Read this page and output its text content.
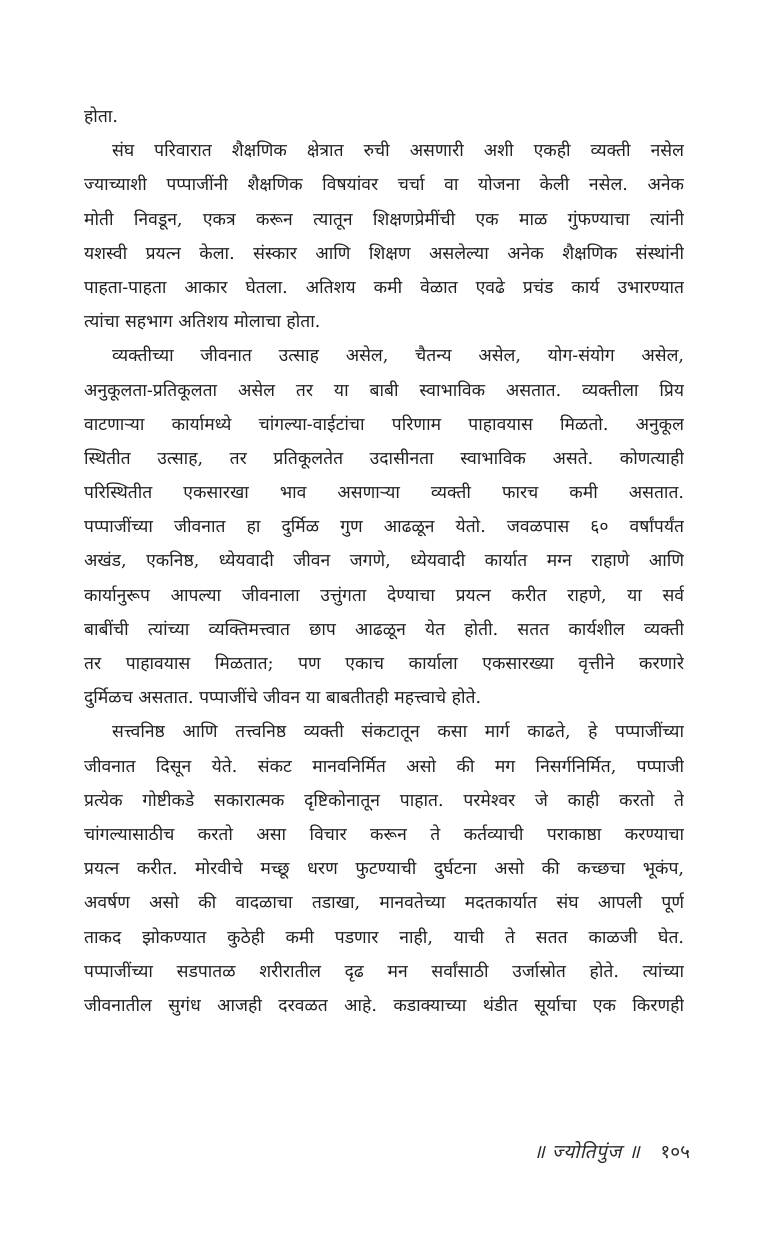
होता.
संघ परिवारात शैक्षणिक क्षेत्रात रुची असणारी अशी एकही व्यक्ती नसेल
ज्याच्याशी पप्पाजींनी शैक्षणिक विषयांवर चर्चा वा योजना केली नसेल. अनेक
मोती निवडून, एकत्र करून त्यातून शिक्षणप्रेमींची एक माळ गुंफण्याचा त्यांनी
यशस्वी प्रयत्न केला. संस्कार आणि शिक्षण असलेल्या अनेक शैक्षणिक संस्थांनी
पाहता-पाहता आकार घेतला. अतिशय कमी वेळात एवढे प्रचंड कार्य उभारण्यात
त्यांचा सहभाग अतिशय मोलाचा होता.
व्यक्तीच्या जीवनात उत्साह असेल, चैतन्य असेल, योग-संयोग असेल,
अनुकूलता-प्रतिकूलता असेल तर या बाबी स्वाभाविक असतात. व्यक्तीला प्रिय
वाटणाऱ्या कार्यामध्ये चांगल्या-वाईटांचा परिणाम पाहावयास मिळतो. अनुकूल
स्थितीत उत्साह, तर प्रतिकूलतेत उदासीनता स्वाभाविक असते. कोणत्याही
परिस्थितीत एकसारखा भाव असणाऱ्या व्यक्ती फारच कमी असतात.
पप्पाजींच्या जीवनात हा दुर्मिळ गुण आढळून येतो. जवळपास ६० वर्षांपर्यंत
अखंड, एकनिष्ठ, ध्येयवादी जीवन जगणे, ध्येयवादी कार्यात मग्न राहाणे आणि
कार्यानुरूप आपल्या जीवनाला उत्तुंगता देण्याचा प्रयत्न करीत राहणे, या सर्व
बाबींची त्यांच्या व्यक्तिमत्त्वात छाप आढळून येत होती. सतत कार्यशील व्यक्ती
तर पाहावयास मिळतात; पण एकाच कार्याला एकसारख्या वृत्तीने करणारे
दुर्मिळच असतात. पप्पाजींचे जीवन या बाबतीतही महत्त्वाचे होते.
सत्त्वनिष्ठ आणि तत्त्वनिष्ठ व्यक्ती संकटातून कसा मार्ग काढते, हे पप्पाजींच्या
जीवनात दिसून येते. संकट मानवनिर्मित असो की मग निसर्गनिर्मित, पप्पाजी
प्रत्येक गोष्टीकडे सकारात्मक दृष्टिकोनातून पाहात. परमेश्वर जे काही करतो ते
चांगल्यासाठीच करतो असा विचार करून ते कर्तव्याची पराकाष्ठा करण्याचा
प्रयत्न करीत. मोरवीचे मच्छू धरण फुटण्याची दुर्घटना असो की कच्छचा भूकंप,
अवर्षण असो की वादळाचा तडाखा, मानवतेच्या मदतकार्यात संघ आपली पूर्ण
ताकद झोकण्यात कुठेही कमी पडणार नाही, याची ते सतत काळजी घेत.
पप्पाजींच्या सडपातळ शरीरातील दृढ मन सर्वांसाठी उर्जास्रोत होते. त्यांच्या
जीवनातील सुगंध आजही दरवळत आहे. कडाक्याच्या थंडीत सूर्याचा एक किरणही
॥ ज्योतिपुंज ॥ १०५
